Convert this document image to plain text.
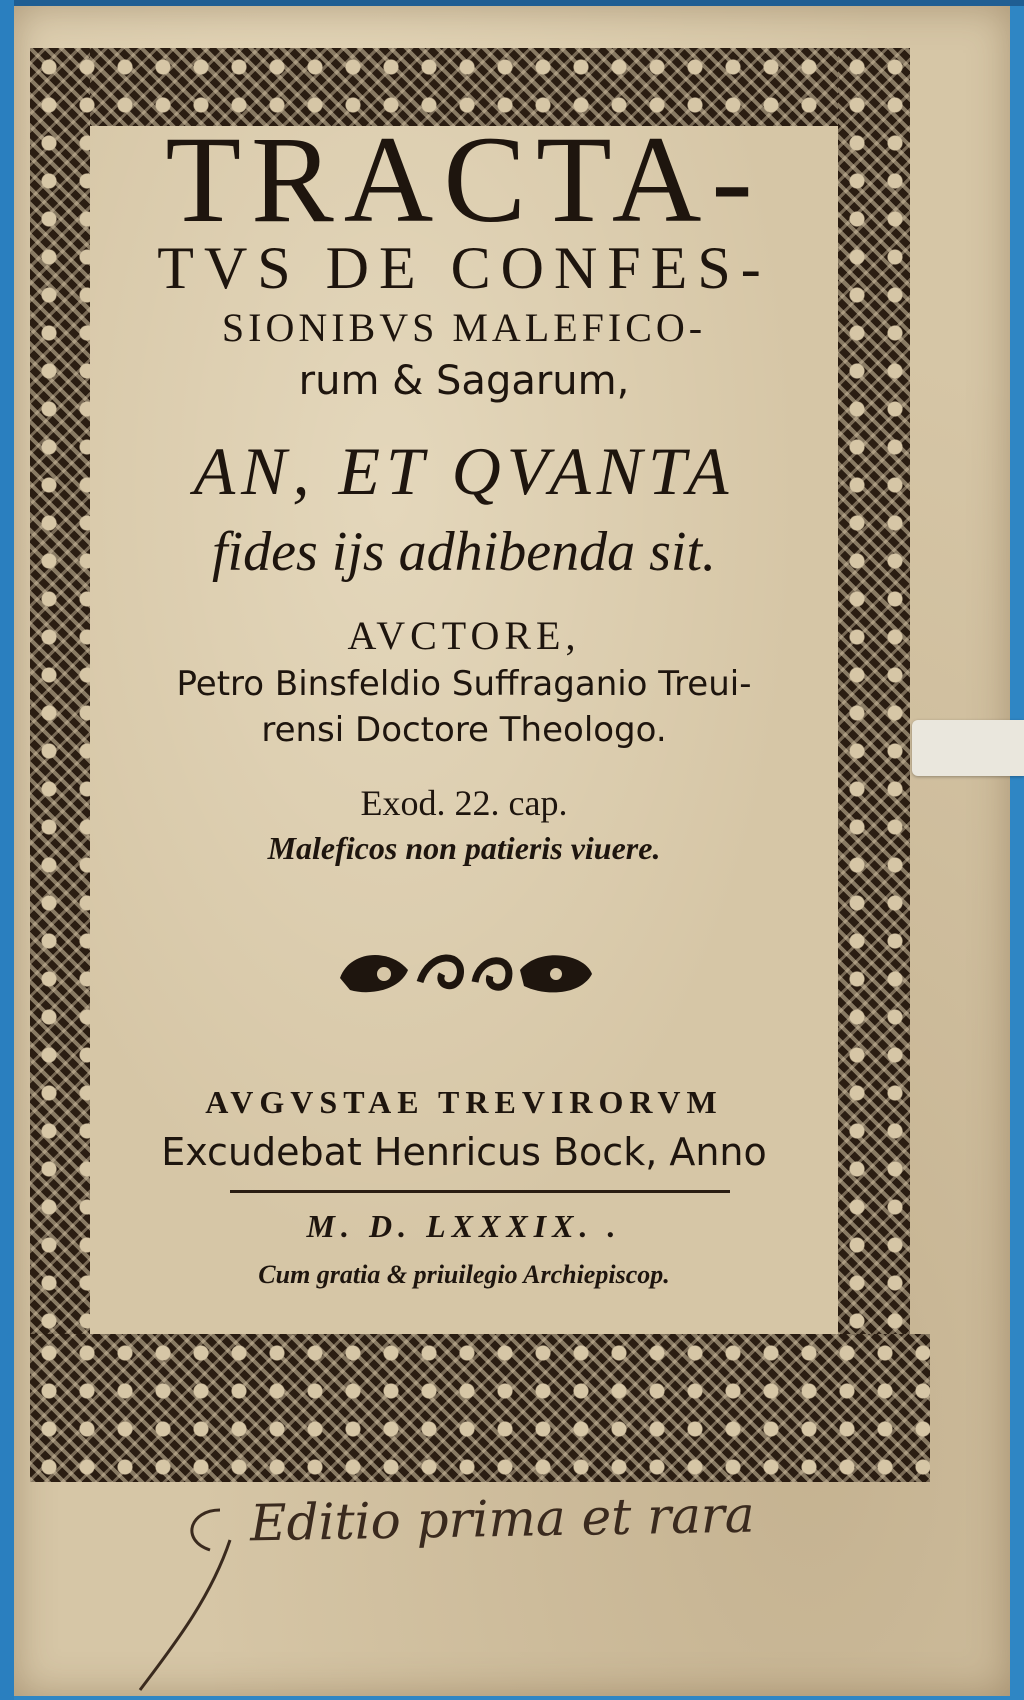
TRACTA-
TVS DE CONFES-
SIONIBVS MALEFICO-
rum & Sagarum,
AN, ET QVANTA
fides ijs adhibenda sit.
AVCTORE,
Petro Binsfeldio Suffraganio Treui-
rensi Doctore Theologo.
Exod. 22. cap.
Maleficos non patieris viuere.
AVGVSTAE TREVIRORVM
Excudebat Henricus Bock, Anno
M. D. LXXXIX. .
Cum gratia & priuilegio Archiepiscop.
Editio prima et rara
